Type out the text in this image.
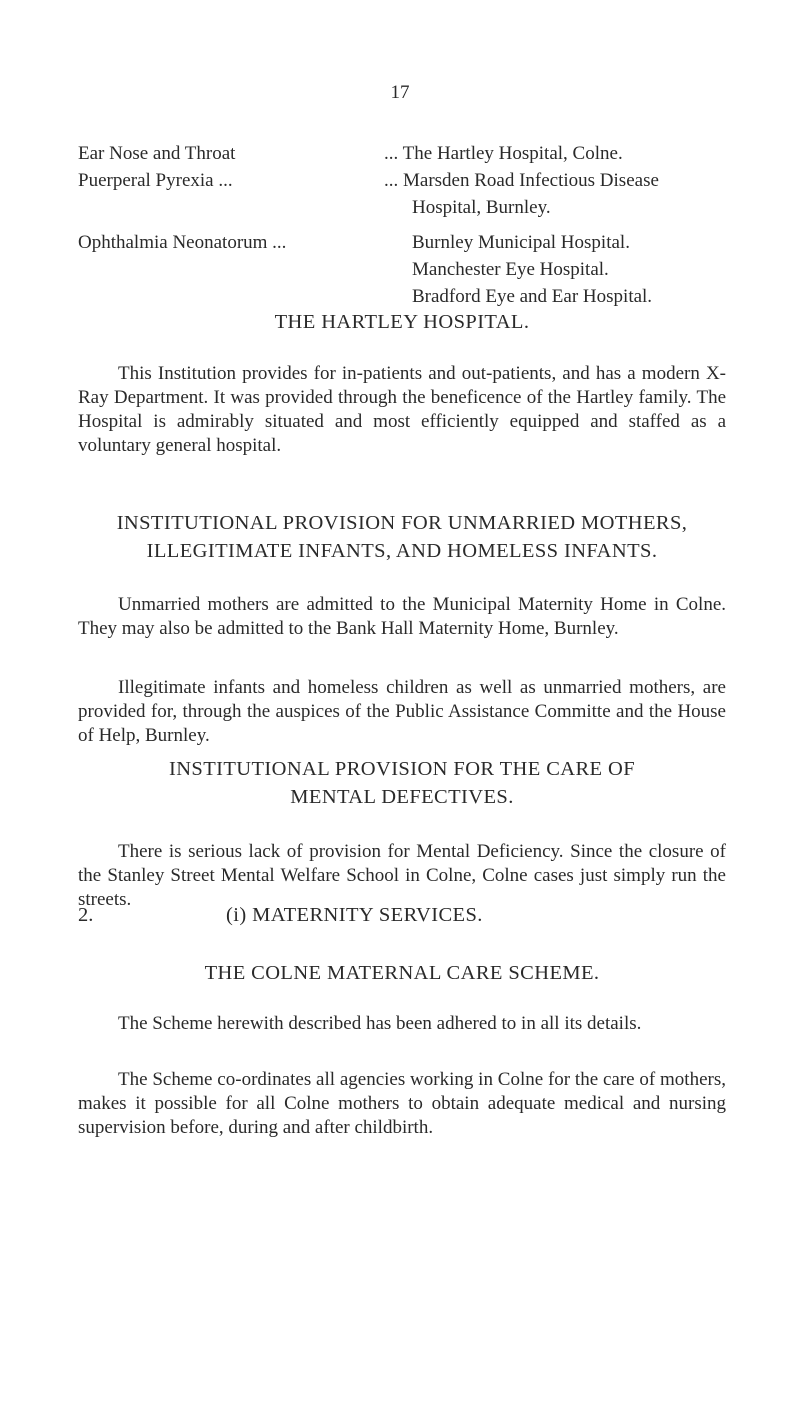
17
Ear Nose and Throat	... The Hartley Hospital, Colne.

Puerperal Pyrexia ...	... Marsden Road Infectious Disease
Hospital, Burnley.

Ophthalmia Neonatorum ...	Burnley Municipal Hospital.
Manchester Eye Hospital.
Bradford Eye and Ear Hospital.
THE HARTLEY HOSPITAL.
This Institution provides for in-patients and out-patients, and has a modern X-Ray Department. It was provided through the beneficence of the Hartley family. The Hospital is admirably situated and most efficiently equipped and staffed as a voluntary general hospital.
INSTITUTIONAL PROVISION FOR UNMARRIED MOTHERS,
ILLEGITIMATE INFANTS, AND HOMELESS INFANTS.
Unmarried mothers are admitted to the Municipal Maternity Home in Colne. They may also be admitted to the Bank Hall Maternity Home, Burnley.
Illegitimate infants and homeless children as well as unmarried mothers, are provided for, through the auspices of the Public Assistance Committe and the House of Help, Burnley.
INSTITUTIONAL PROVISION FOR THE CARE OF
MENTAL DEFECTIVES.
There is serious lack of provision for Mental Deficiency. Since the closure of the Stanley Street Mental Welfare School in Colne, Colne cases just simply run the streets.
2.	(i) MATERNITY SERVICES.
THE COLNE MATERNAL CARE SCHEME.
The Scheme herewith described has been adhered to in all its details.
The Scheme co-ordinates all agencies working in Colne for the care of mothers, makes it possible for all Colne mothers to obtain adequate medical and nursing supervision before, during and after childbirth.
